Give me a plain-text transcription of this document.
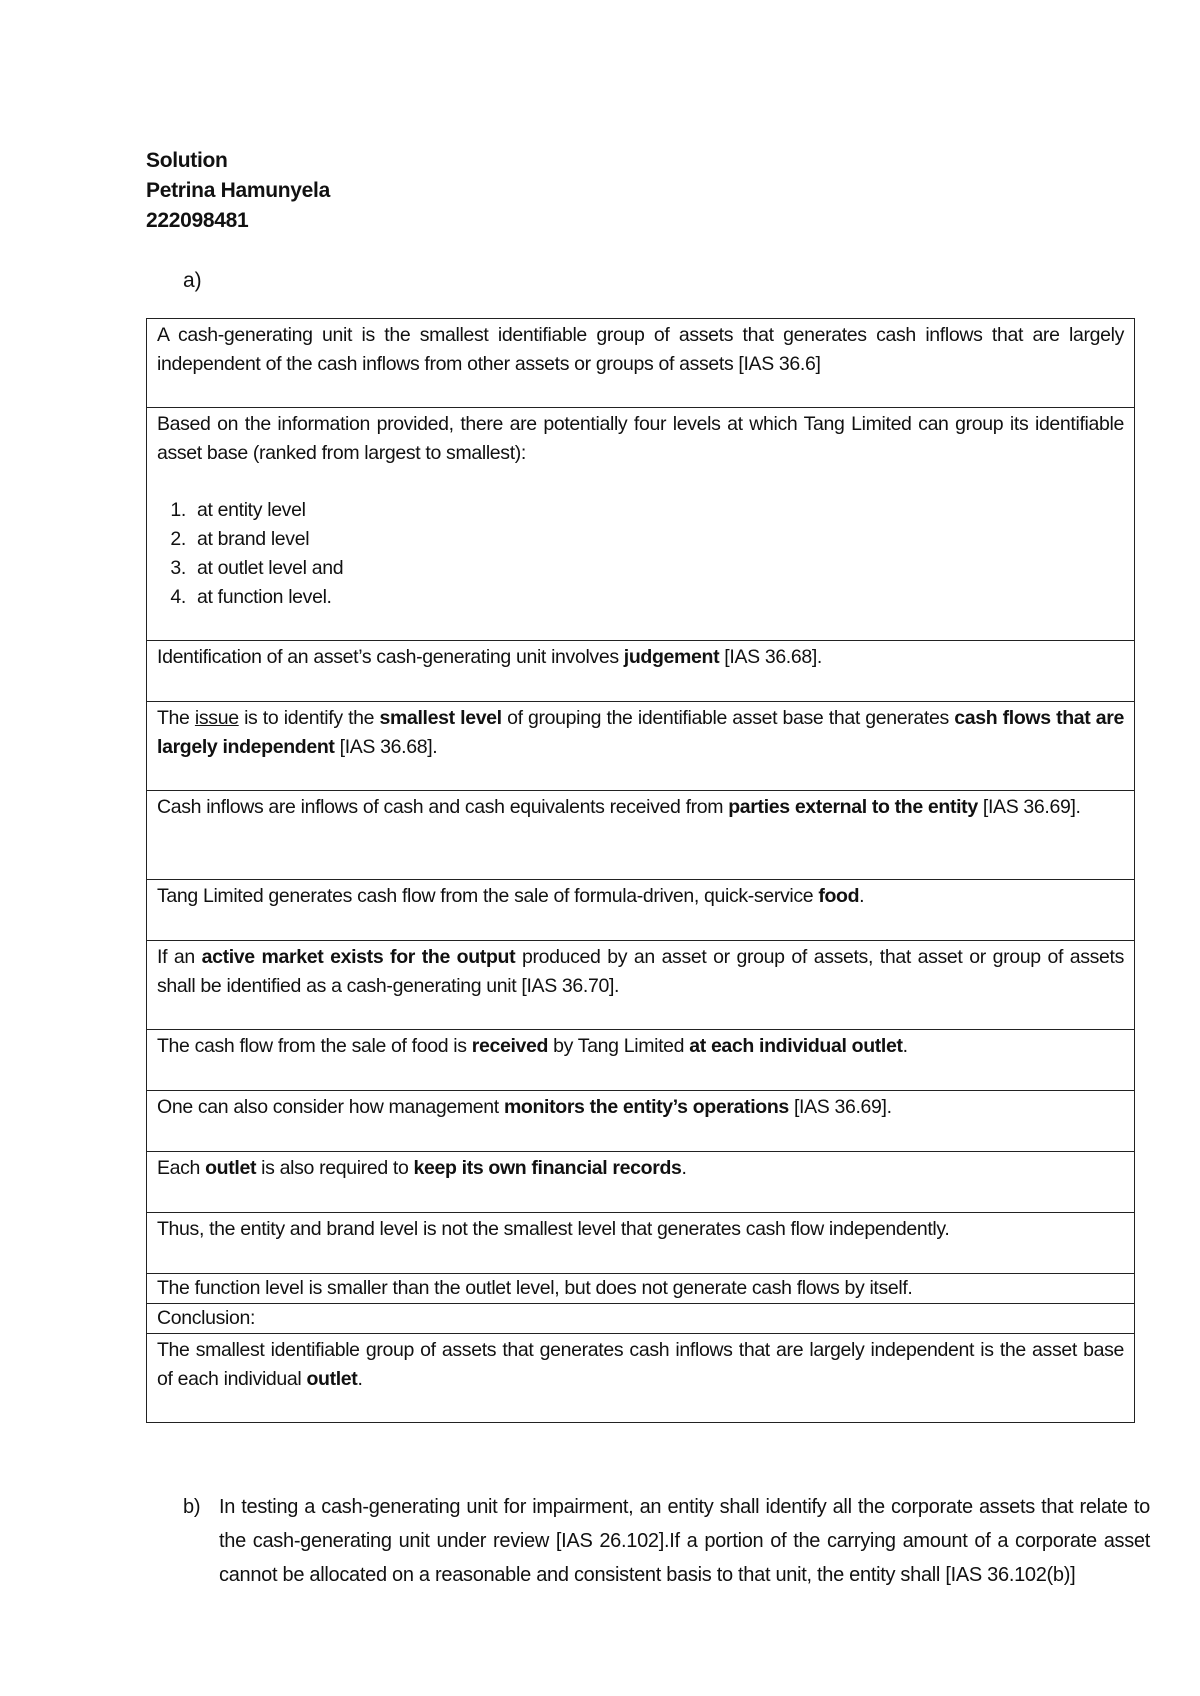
Solution
Petrina Hamunyela
222098481
a)
A cash-generating unit is the smallest identifiable group of assets that generates cash inflows that are largely independent of the cash inflows from other assets or groups of assets [IAS 36.6]

Based on the information provided, there are potentially four levels at which Tang Limited can group its identifiable asset base (ranked from largest to smallest):
1. at entity level
2. at brand level
3. at outlet level and
4. at function level.

Identification of an asset’s cash-generating unit involves judgement [IAS 36.68].
The issue is to identify the smallest level of grouping the identifiable asset base that generates cash flows that are largely independent [IAS 36.68].
Cash inflows are inflows of cash and cash equivalents received from parties external to the entity [IAS 36.69].
Tang Limited generates cash flow from the sale of formula-driven, quick-service food.
If an active market exists for the output produced by an asset or group of assets, that asset or group of assets shall be identified as a cash-generating unit [IAS 36.70].
The cash flow from the sale of food is received by Tang Limited at each individual outlet.
One can also consider how management monitors the entity’s operations [IAS 36.69].
Each outlet is also required to keep its own financial records.
Thus, the entity and brand level is not the smallest level that generates cash flow independently.
The function level is smaller than the outlet level, but does not generate cash flows by itself.
Conclusion:
The smallest identifiable group of assets that generates cash inflows that are largely independent is the asset base of each individual outlet.
b) In testing a cash-generating unit for impairment, an entity shall identify all the corporate assets that relate to the cash-generating unit under review [IAS 26.102].If a portion of the carrying amount of a corporate asset cannot be allocated on a reasonable and consistent basis to that unit, the entity shall [IAS 36.102(b)]
